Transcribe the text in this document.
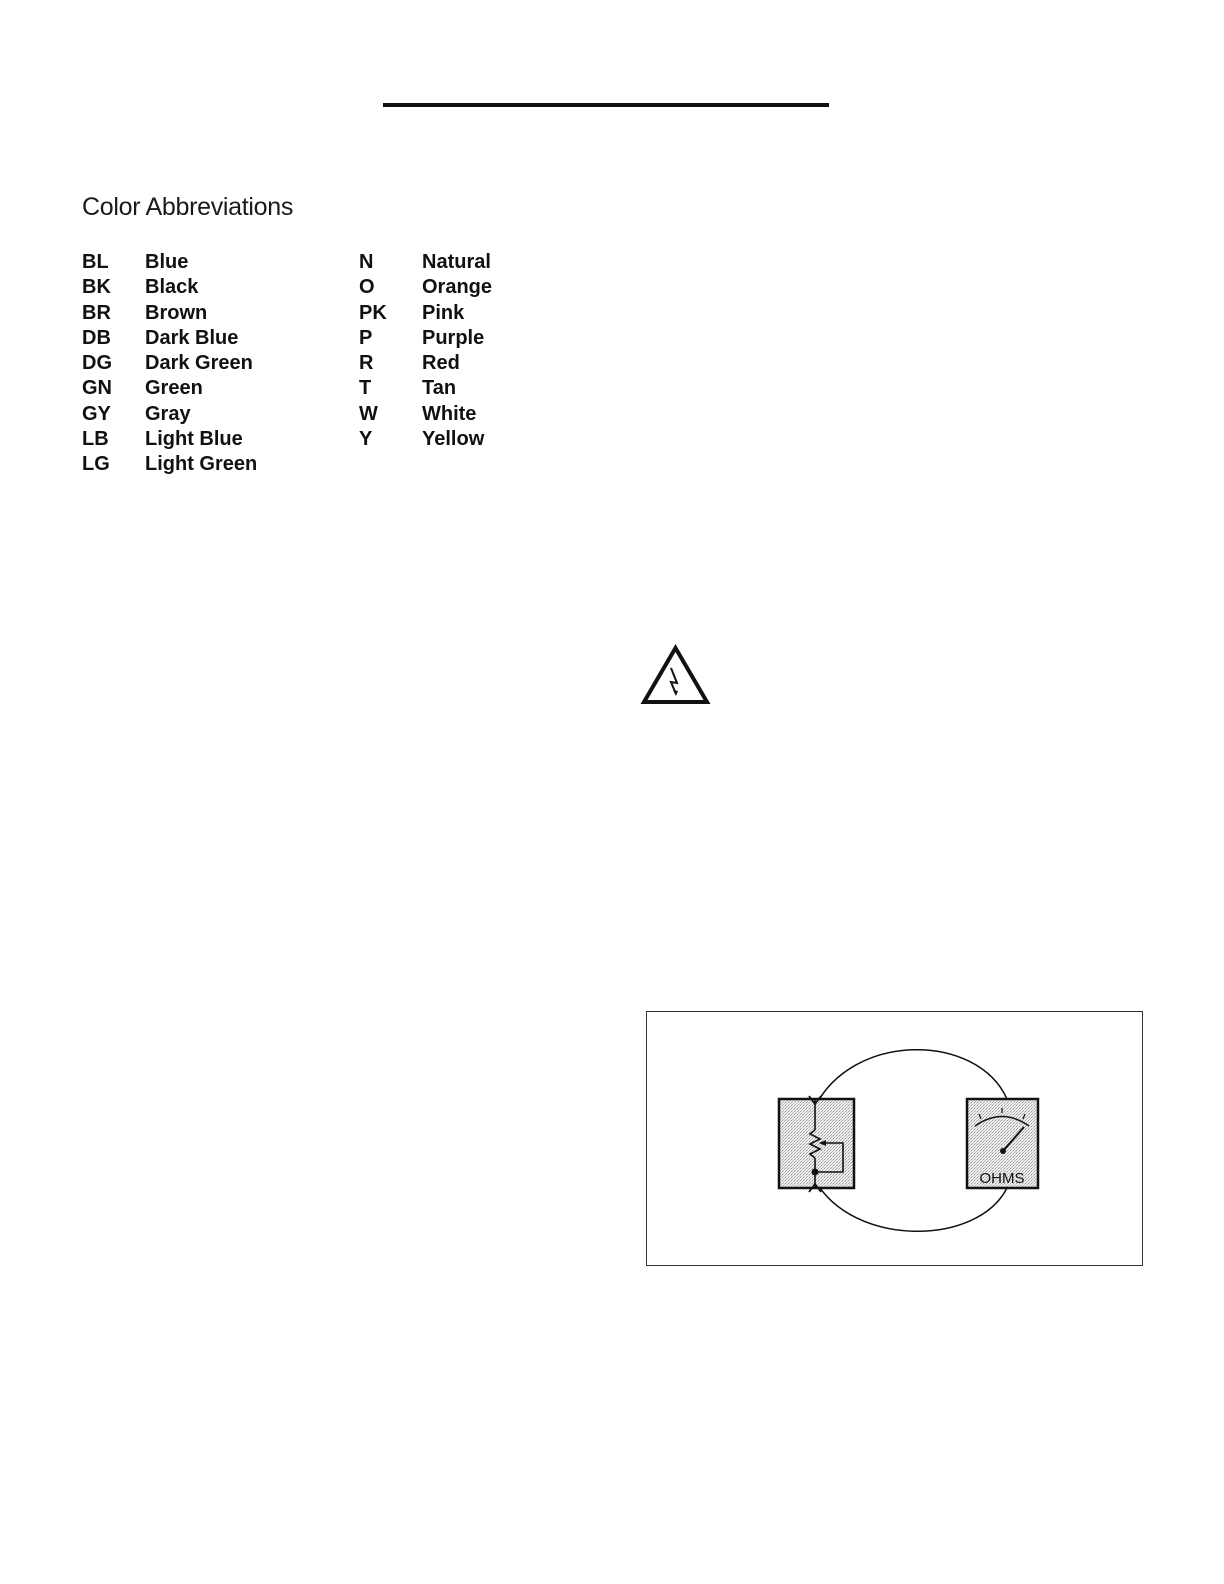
Color Abbreviations
BL	Blue
BK	Black
BR	Brown
DB	Dark Blue
DG	Dark Green
GN	Green
GY	Gray
LB	Light Blue
LG	Light Green
N	Natural
O	Orange
PK	Pink
P	Purple
R	Red
T	Tan
W	White
Y	Yellow
OHMS
